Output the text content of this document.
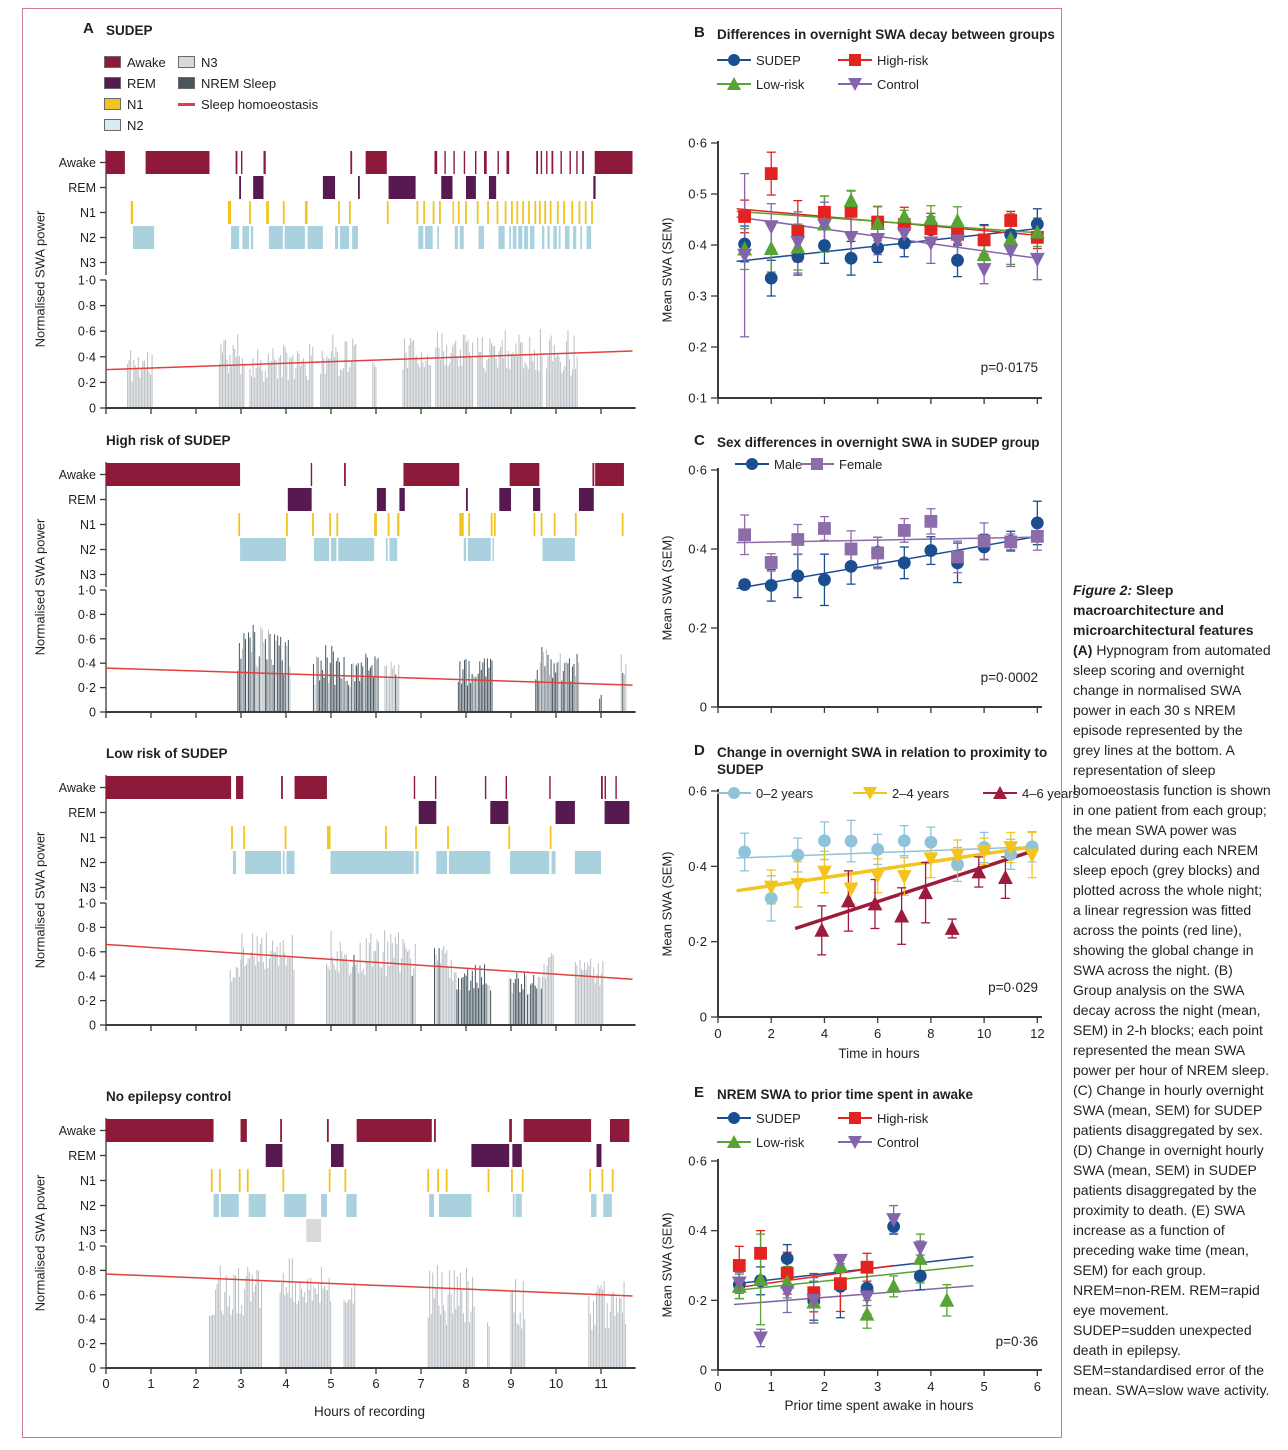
Awake
REM
N1
N2
N3
0
0·2
0·4
0·6
0·8
1·0
Awake
REM
N1
N2
N3
0
0·2
0·4
0·6
0·8
1·0
Awake
REM
N1
N2
N3
0
0·2
0·4
0·6
0·8
1·0
Awake
REM
N1
N2
N3
0
0·2
0·4
0·6
0·8
1·0
0	1	2	3	4	5	6	7	8	9	10 11
0·1
0·2
0·3
0·4
0·5
0·6
0
0·2
0·4
0·6
0
0·2
0·4
0·6
0	2	4	6	8	10	12
0
0·2
0·4
0·6
0	1	2	3	4	5	6
A SUDEP
Awake
REM
N1
N2
N3
NREM Sleep
Sleep homoeostasis
High risk of SUDEP
Low risk of SUDEP
No epilepsy control
Normalised SWA power
Normalised SWA power
Normalised SWA power
Normalised SWA power
Hours of recording
B Differences in overnight SWA decay between groups
SUDEP	High-risk
Low-risk	Control
Mean SWA (SEM)
p=0·0175
C Sex differences in overnight SWA in SUDEP group
Male	Female
Mean SWA (SEM)
p=0·0002
D Change in overnight SWA in relation to proximity to SUDEP
0–2 years	2–4 years	4–6 years
Mean SWA (SEM)
p=0·029
Time in hours
E NREM SWA to prior time spent in awake
SUDEP	High-risk
Low-risk	Control
Mean SWA (SEM)
p=0·36
Prior time spent awake in hours
Figure 2: Sleep macroarchitecture and microarchitectural features
(A) Hypnogram from automated sleep scoring and overnight change in normalised SWA power in each 30 s NREM episode represented by the grey lines at the bottom. A representation of sleep homoeostasis function is shown in one patient from each group; the mean SWA power was calculated during each NREM sleep epoch (grey blocks) and plotted across the whole night; a linear regression was fitted across the points (red line), showing the global change in SWA across the night. (B) Group analysis on the SWA decay across the night (mean, SEM) in 2-h blocks; each point represented the mean SWA power per hour of NREM sleep. (C) Change in hourly overnight SWA (mean, SEM) for SUDEP patients disaggregated by sex. (D) Change in overnight hourly SWA (mean, SEM) in SUDEP patients disaggregated by the proximity to death. (E) SWA increase as a function of preceding wake time (mean, SEM) for each group. NREM=non-REM. REM=rapid eye movement. SUDEP=sudden unexpected death in epilepsy. SEM=standardised error of the mean. SWA=slow wave activity.
